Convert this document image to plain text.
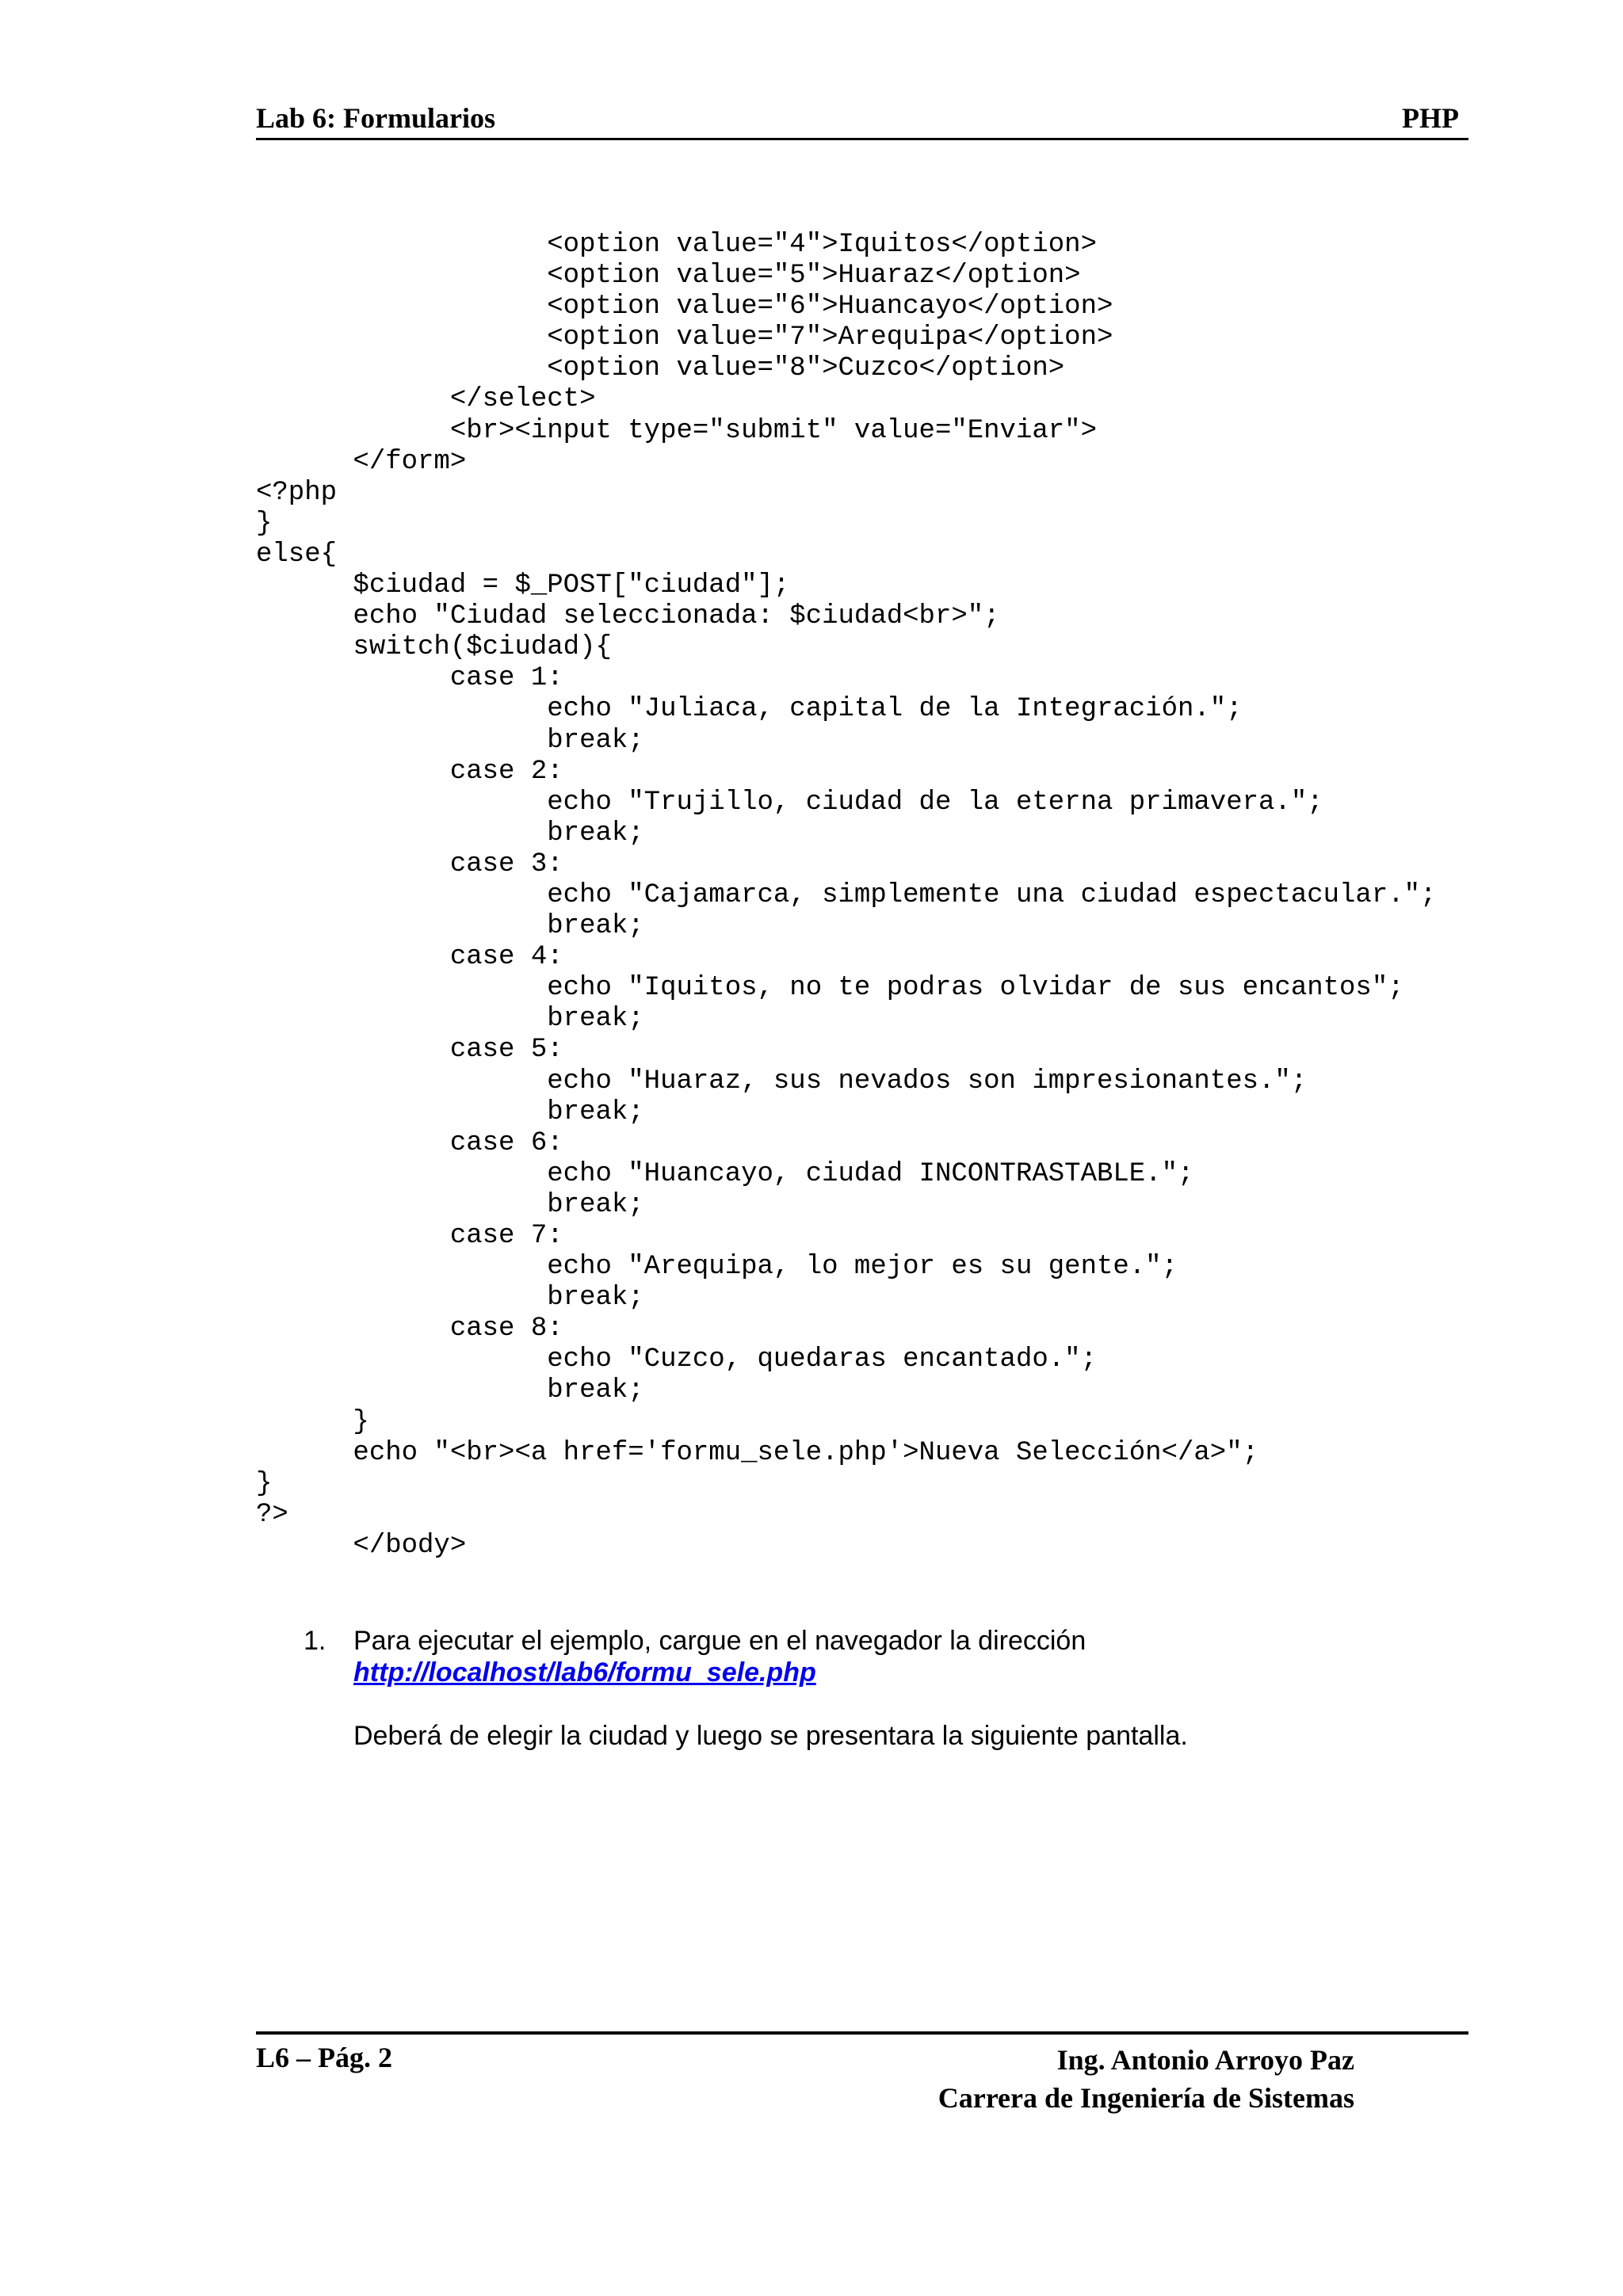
Lab 6: Formularios	PHP
<option value="4">Iquitos</option>
<option value="5">Huaraz</option>
<option value="6">Huancayo</option>
<option value="7">Arequipa</option>
<option value="8">Cuzco</option>
</select>
<br><input type="submit" value="Enviar">
</form>
<?php
}
else{
$ciudad = $_POST["ciudad"];
echo "Ciudad seleccionada: $ciudad<br>";
switch($ciudad){
case 1:
echo "Juliaca, capital de la Integración.";
break;
case 2:
echo "Trujillo, ciudad de la eterna primavera.";
break;
case 3:
echo "Cajamarca, simplemente una ciudad espectacular.";
break;
case 4:
echo "Iquitos, no te podras olvidar de sus encantos";
break;
case 5:
echo "Huaraz, sus nevados son impresionantes.";
break;
case 6:
echo "Huancayo, ciudad INCONTRASTABLE.";
break;
case 7:
echo "Arequipa, lo mejor es su gente.";
break;
case 8:
echo "Cuzco, quedaras encantado.";
break;
}
echo "<br><a href='formu_sele.php'>Nueva Selección</a>";
}
?>
</body>
1. Para ejecutar el ejemplo, cargue en el navegador la dirección
http://localhost/lab6/formu_sele.php
Deberá de elegir la ciudad y luego se presentara la siguiente pantalla.
L6 – Pág. 2	Ing. Antonio Arroyo Paz
Carrera de Ingeniería de Sistemas
